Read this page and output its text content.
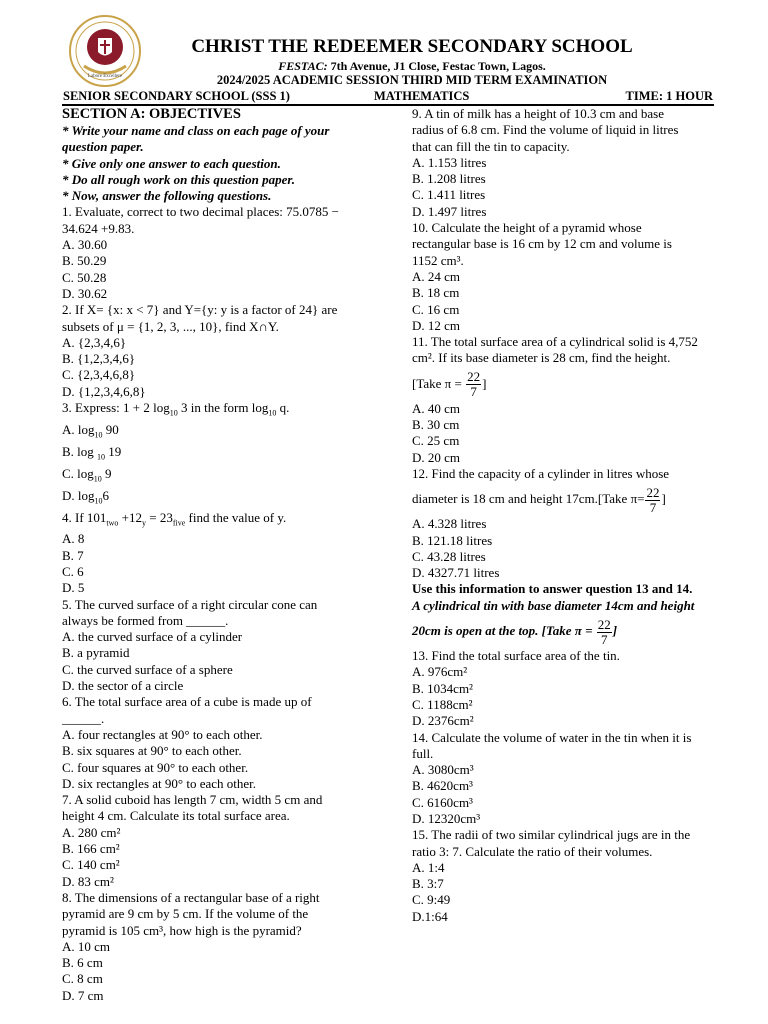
Labore Excellere
CHRIST THE REDEEMER SECONDARY SCHOOL
FESTAC: 7th Avenue, J1 Close, Festac Town, Lagos.
2024/2025 ACADEMIC SESSION THIRD MID TERM EXAMINATION
SENIOR SECONDARY SCHOOL (SSS 1)	MATHEMATICS	TIME: 1 HOUR
SECTION A: OBJECTIVES
* Write your name and class on each page of your
question paper.
* Give only one answer to each question.
* Do all rough work on this question paper.
* Now, answer the following questions.
1. Evaluate, correct to two decimal places: 75.0785 −
34.624 +9.83.
A. 30.60
B. 50.29
C. 50.28
D. 30.62
2. If X= {x: x < 7} and Y={y: y is a factor of 24} are
subsets of μ = {1, 2, 3, ..., 10}, find X∩Y.
A. {2,3,4,6}
B. {1,2,3,4,6}
C. {2,3,4,6,8}
D. {1,2,3,4,6,8}
3. Express: 1 + 2 $\log_{10} 3$ in the form $\log_{10} q$.
A. $\log_{10} 90$
B. log $_{10}$ 19
C. $\log_{10} 9$
D. $\log_{10}6$
4. If $101_{two} +12_y = 23_{five}$ find the value of y.
A. 8
B. 7
C. 6
D. 5
5. The curved surface of a right circular cone can
always be formed from ______.
A. the curved surface of a cylinder
B. a pyramid
C. the curved surface of a sphere
D. the sector of a circle
6. The total surface area of a cube is made up of
______.
A. four rectangles at 90° to each other.
B. six squares at 90° to each other.
C. four squares at 90° to each other.
D. six rectangles at 90° to each other.
7. A solid cuboid has length 7 cm, width 5 cm and
height 4 cm. Calculate its total surface area.
A. 280 cm²
B. 166 cm²
C. 140 cm²
D. 83 cm²
8. The dimensions of a rectangular base of a right
pyramid are 9 cm by 5 cm. If the volume of the
pyramid is 105 cm³, how high is the pyramid?
A. 10 cm
B. 6 cm
C. 8 cm
D. 7 cm
9. A tin of milk has a height of 10.3 cm and base
radius of 6.8 cm. Find the volume of liquid in litres
that can fill the tin to capacity.
A. 1.153 litres
B. 1.208 litres
C. 1.411 litres
D. 1.497 litres
10. Calculate the height of a pyramid whose
rectangular base is 16 cm by 12 cm and volume is
1152 cm³.
A. 24 cm
B. 18 cm
C. 16 cm
D. 12 cm
11. The total surface area of a cylindrical solid is 4,752
cm². If its base diameter is 28 cm, find the height.
[Take $\pi = \frac{22}{7}$ ]
A. 40 cm
B. 30 cm
C. 25 cm
D. 20 cm
12. Find the capacity of a cylinder in litres whose
diameter is 18 cm and height 17cm.[Take $\pi= \frac{22}{7}$ ]
A. 4.328 litres
B. 121.18 litres
C. 43.28 litres
D. 4327.71 litres
Use this information to answer question 13 and 14.
A cylindrical tin with base diameter 14cm and height
20cm is open at the top. [Take $\pi = \frac{22}{7}$ ]
13. Find the total surface area of the tin.
A. 976cm²
B. 1034cm²
C. 1188cm²
D. 2376cm²
14. Calculate the volume of water in the tin when it is
full.
A. 3080cm³
B. 4620cm³
C. 6160cm³
D. 12320cm³
15. The radii of two similar cylindrical jugs are in the
ratio 3: 7. Calculate the ratio of their volumes.
A. 1:4
B. 3:7
C. 9:49
D.1:64
